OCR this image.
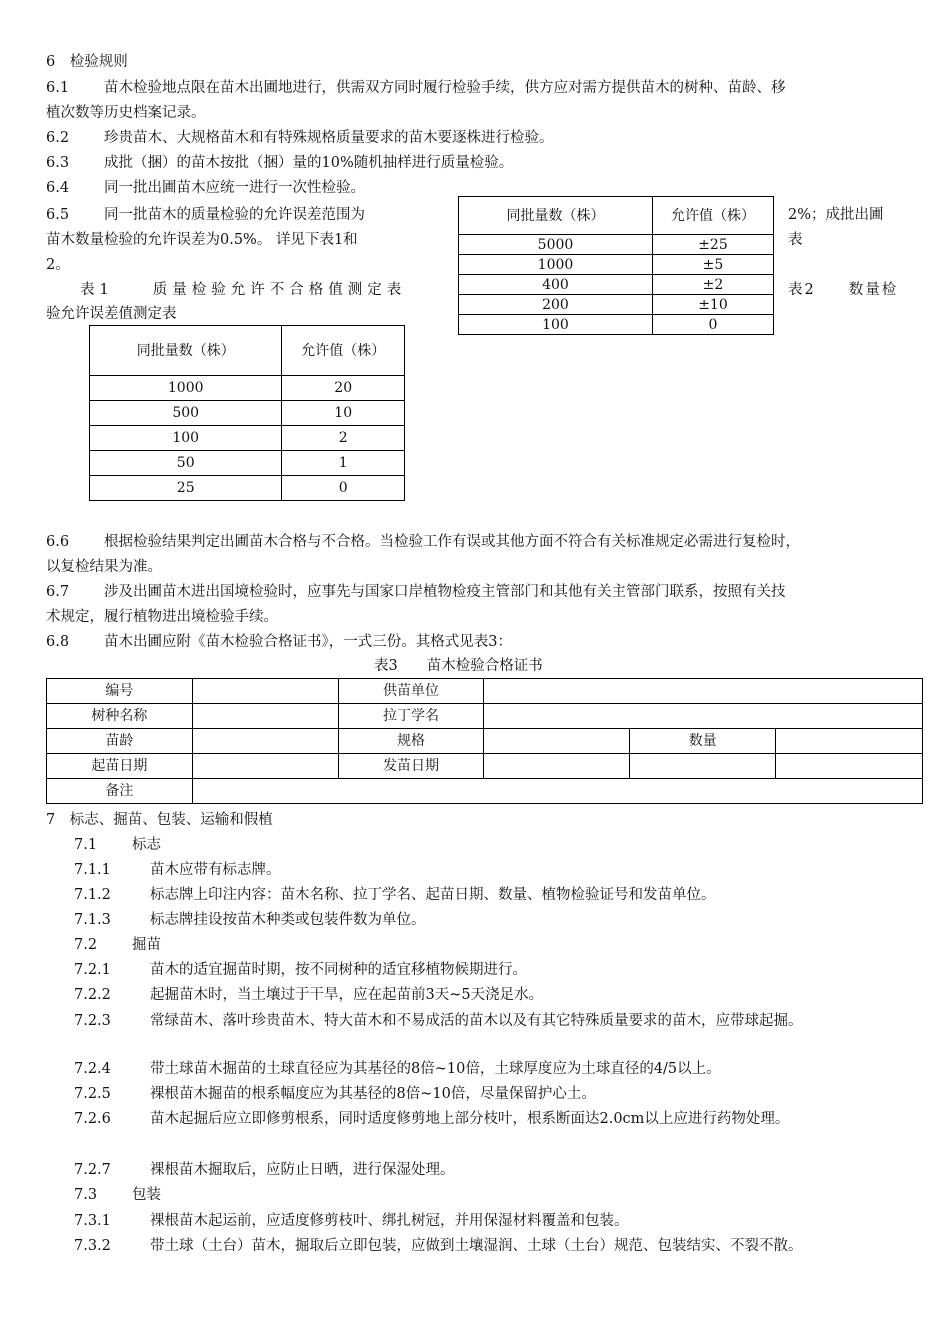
6　检验规则
6.1 苗木检验地点限在苗木出圃地进行，供需双方同时履行检验手续，供方应对需方提供苗木的树种、苗龄、移
植次数等历史档案记录。
6.2 珍贵苗木、大规格苗木和有特殊规格质量要求的苗木要逐株进行检验。
6.3 成批（捆）的苗木按批（捆）量的10%随机抽样进行质量检验。
6.4 同一批出圃苗木应统一进行一次性检验。
6.5 同一批苗木的质量检验的允许误差范围为
苗木数量检验的允许误差为0.5%。 详见下表1和
2。
2%；成批出圃
表
表1　　质量检验允许不合格值测定表	表2　　数量检
验允许误差值测定表
同批量数（株）	允许值（株）
5000	±25
1000	±5
400	±2
200	±10
100	0
同批量数（株）	允许值（株）
1000	20
500	10
100	2
50	1
25	0
6.6 根据检验结果判定出圃苗木合格与不合格。当检验工作有误或其他方面不符合有关标准规定必需进行复检时，
以复检结果为准。
6.7 涉及出圃苗木进出国境检验时，应事先与国家口岸植物检疫主管部门和其他有关主管部门联系，按照有关技
术规定，履行植物进出境检验手续。
6.8 苗木出圃应附《苗木检验合格证书》，一式三份。其格式见表3：
表3　　苗木检验合格证书
编号		供苗单位			
树种名称		拉丁学名			
苗龄		规格		数量	
起苗日期		发苗日期			
备注					
7　标志、掘苗、包装、运输和假植
7.1 标志
7.1.1	苗木应带有标志牌。
7.1.2	标志牌上印注内容：苗木名称、拉丁学名、起苗日期、数量、植物检验证号和发苗单位。
7.1.3	标志牌挂设按苗木种类或包装件数为单位。
7.2 掘苗
7.2.1	苗木的适宜掘苗时期，按不同树种的适宜移植物候期进行。
7.2.2	起掘苗木时，当土壤过于干旱，应在起苗前3天~5天浇足水。
7.2.3	常绿苗木、落叶珍贵苗木、特大苗木和不易成活的苗木以及有其它特殊质量要求的苗木，应带球起掘。
7.2.4	带土球苗木掘苗的土球直径应为其基径的8倍~10倍，土球厚度应为土球直径的4/5以上。
7.2.5	裸根苗木掘苗的根系幅度应为其基径的8倍~10倍，尽量保留护心土。
7.2.6	苗木起掘后应立即修剪根系，同时适度修剪地上部分枝叶，根系断面达2.0cm以上应进行药物处理。
7.2.7	裸根苗木掘取后，应防止日晒，进行保湿处理。
7.3 包装
7.3.1	裸根苗木起运前，应适度修剪枝叶、绑扎树冠，并用保湿材料覆盖和包装。
7.3.2	带土球（土台）苗木，掘取后立即包装，应做到土壤湿润、土球（土台）规范、包装结实、不裂不散。
